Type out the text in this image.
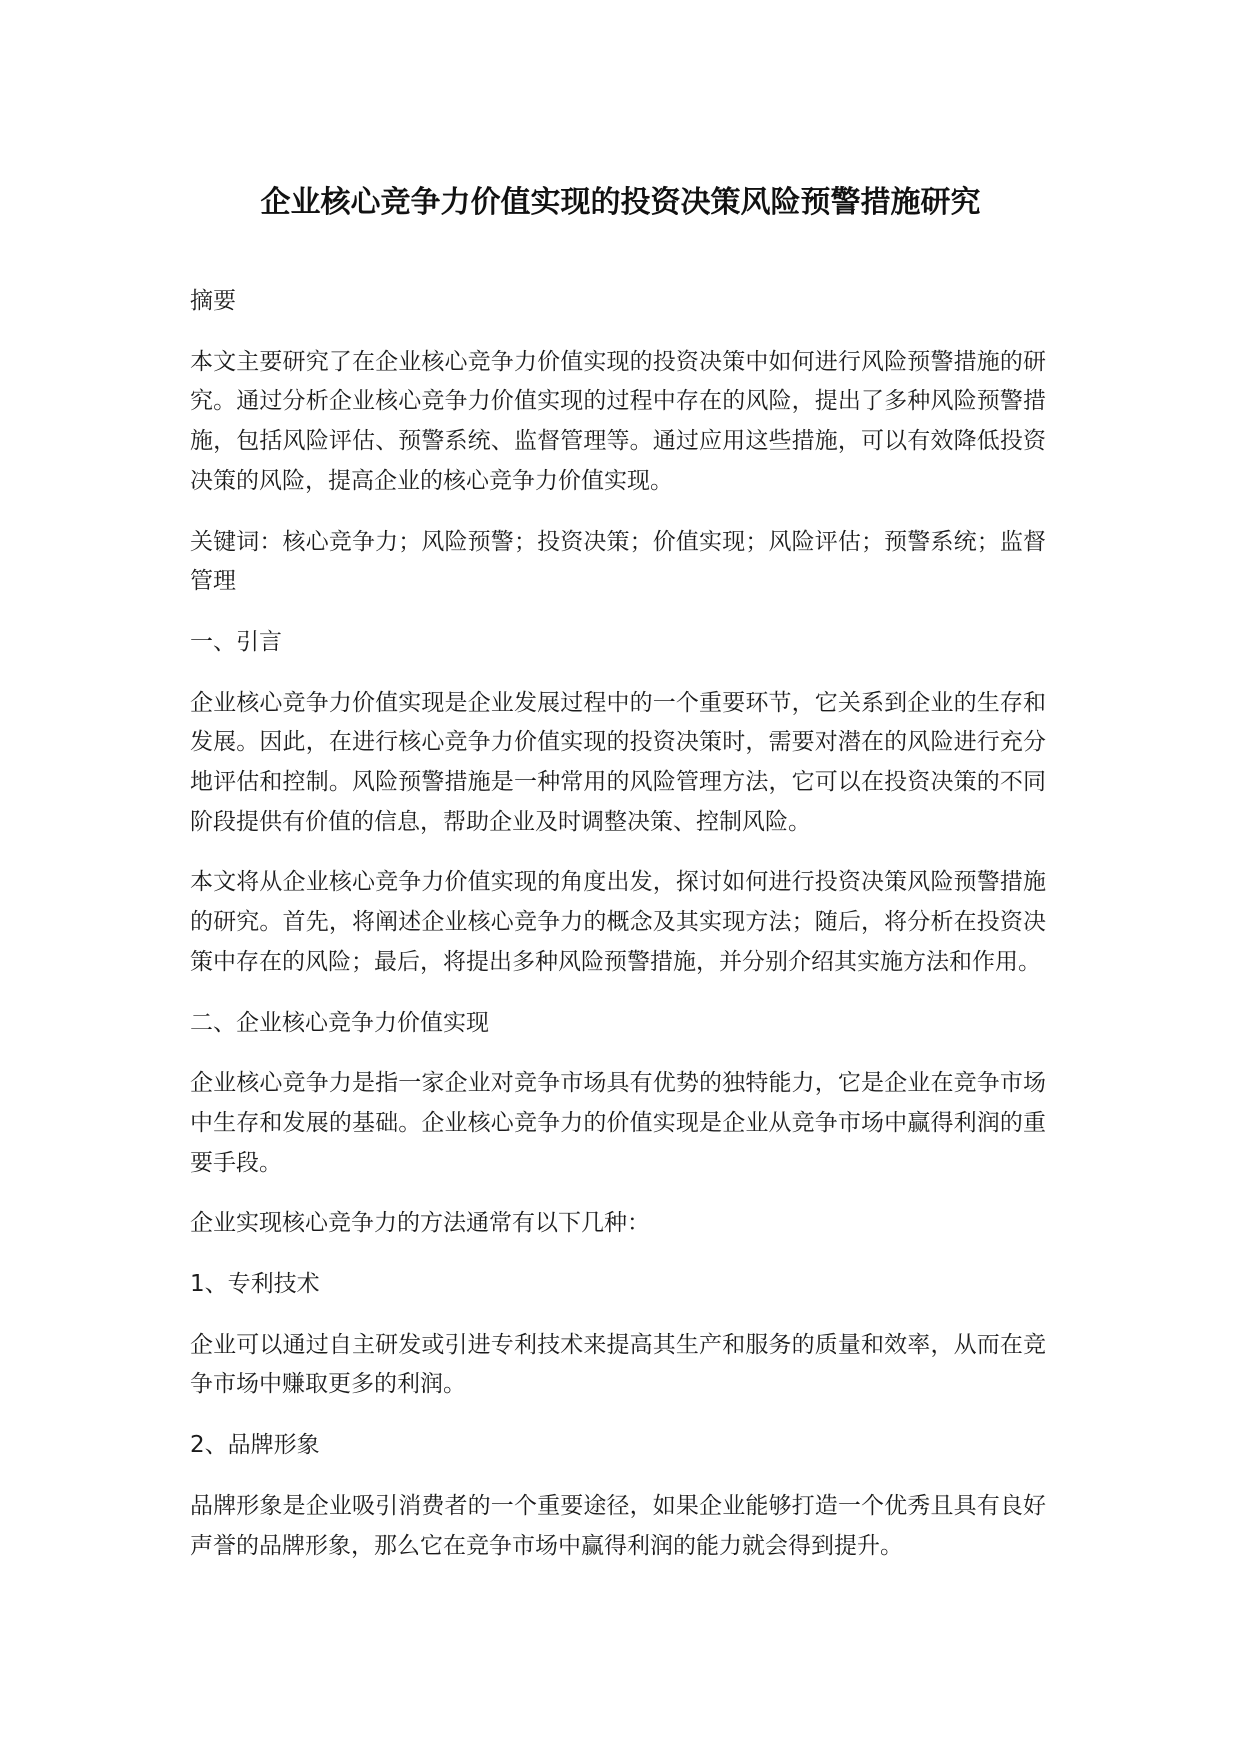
企业核心竞争力价值实现的投资决策风险预警措施研究

摘要

本文主要研究了在企业核心竞争力价值实现的投资决策中如何进行风险预警措施的研究。通过分析企业核心竞争力价值实现的过程中存在的风险，提出了多种风险预警措施，包括风险评估、预警系统、监督管理等。通过应用这些措施，可以有效降低投资决策的风险，提高企业的核心竞争力价值实现。

关键词：核心竞争力；风险预警；投资决策；价值实现；风险评估；预警系统；监督管理

一、引言

企业核心竞争力价值实现是企业发展过程中的一个重要环节，它关系到企业的生存和发展。因此，在进行核心竞争力价值实现的投资决策时，需要对潜在的风险进行充分地评估和控制。风险预警措施是一种常用的风险管理方法，它可以在投资决策的不同阶段提供有价值的信息，帮助企业及时调整决策、控制风险。

本文将从企业核心竞争力价值实现的角度出发，探讨如何进行投资决策风险预警措施的研究。首先，将阐述企业核心竞争力的概念及其实现方法；随后，将分析在投资决策中存在的风险；最后，将提出多种风险预警措施，并分别介绍其实施方法和作用。

二、企业核心竞争力价值实现

企业核心竞争力是指一家企业对竞争市场具有优势的独特能力，它是企业在竞争市场中生存和发展的基础。企业核心竞争力的价值实现是企业从竞争市场中赢得利润的重要手段。

企业实现核心竞争力的方法通常有以下几种：

1、专利技术

企业可以通过自主研发或引进专利技术来提高其生产和服务的质量和效率，从而在竞争市场中赚取更多的利润。

2、品牌形象

品牌形象是企业吸引消费者的一个重要途径，如果企业能够打造一个优秀且具有良好声誉的品牌形象，那么它在竞争市场中赢得利润的能力就会得到提升。
